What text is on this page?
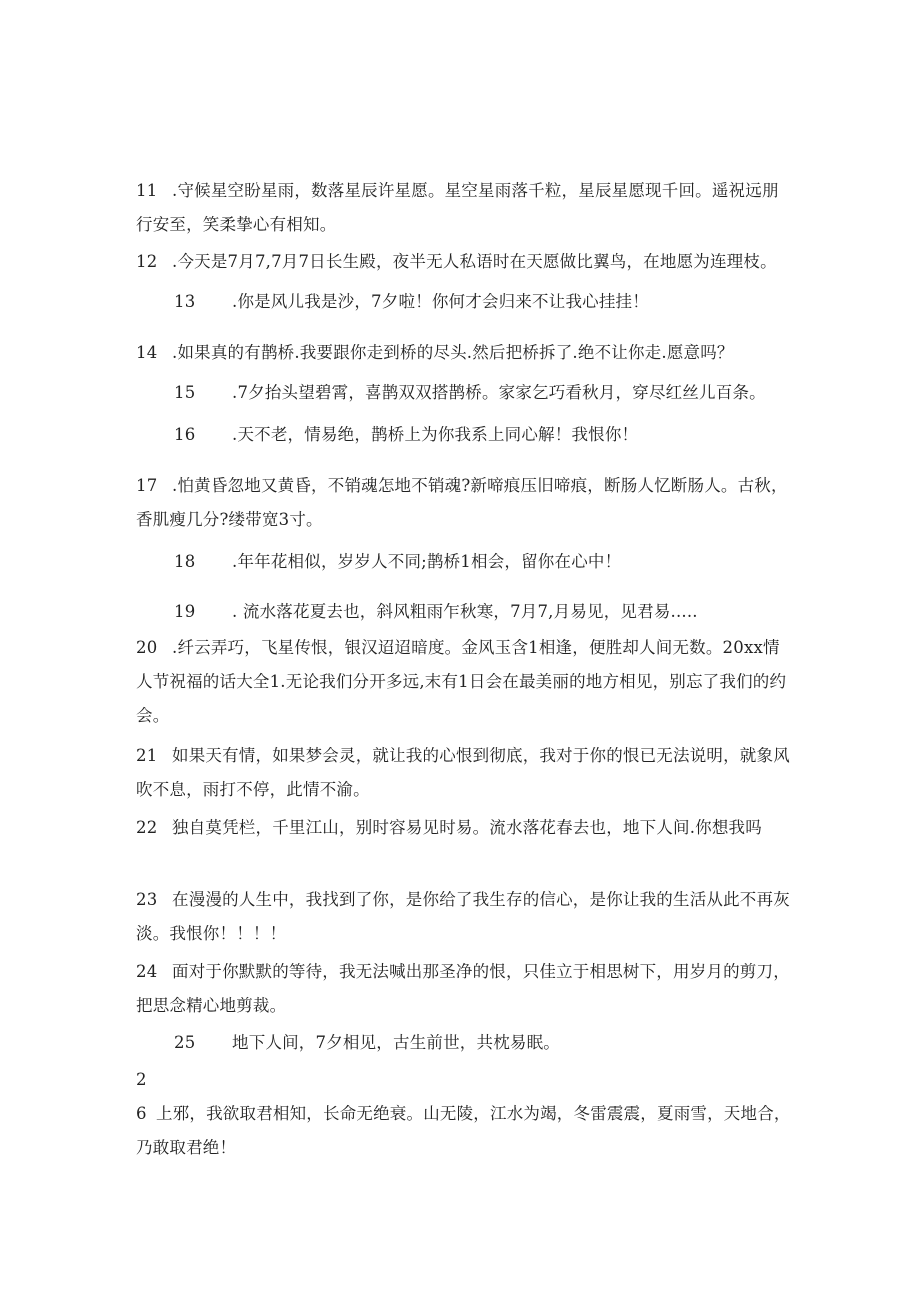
11 .守候星空盼星雨，数落星辰许星愿。星空星雨落千粒，星辰星愿现千回。遥祝远朋行安至，笑柔挚心有相知。
12 .今天是7月7,7月7日长生殿，夜半无人私语时在天愿做比翼鸟，在地愿为连理枝。
13 .你是风儿我是沙，7夕啦！你何才会归来不让我心挂挂！
14 .如果真的有鹊桥.我要跟你走到桥的尽头.然后把桥拆了.绝不让你走.愿意吗？
15 .7夕抬头望碧霄，喜鹊双双搭鹊桥。家家乞巧看秋月，穿尽红丝儿百条。
16 .天不老，情易绝，鹊桥上为你我系上同心解！我恨你！
17 .怕黄昏忽地又黄昏，不销魂怎地不销魂?新啼痕压旧啼痕，断肠人忆断肠人。古秋，香肌瘦几分?缕带宽3寸。
18 .年年花相似，岁岁人不同;鹊桥1相会，留你在心中！
19 . 流水落花夏去也，斜风粗雨乍秋寒，7月7,月易见，见君易.....
20 .纤云弄巧，飞星传恨，银汉迢迢暗度。金风玉含1相逢，便胜却人间无数。20xx情人节祝福的话大全1.无论我们分开多远,末有1日会在最美丽的地方相见，别忘了我们的约会。
21 如果天有情，如果梦会灵，就让我的心恨到彻底，我对于你的恨已无法说明，就象风吹不息，雨打不停，此情不渝。
22 独自莫凭栏，千里江山，别时容易见时易。流水落花春去也，地下人间.你想我吗
23 在漫漫的人生中，我找到了你，是你给了我生存的信心，是你让我的生活从此不再灰淡。我恨你！！！！
24 面对于你默默的等待，我无法喊出那圣净的恨，只佳立于相思树下，用岁月的剪刀，把思念精心地剪裁。
25 地下人间，7夕相见，古生前世，共枕易眠。
26 上邪，我欲取君相知，长命无绝衰。山无陵，江水为竭，冬雷震震，夏雨雪，天地合，乃敢取君绝！
